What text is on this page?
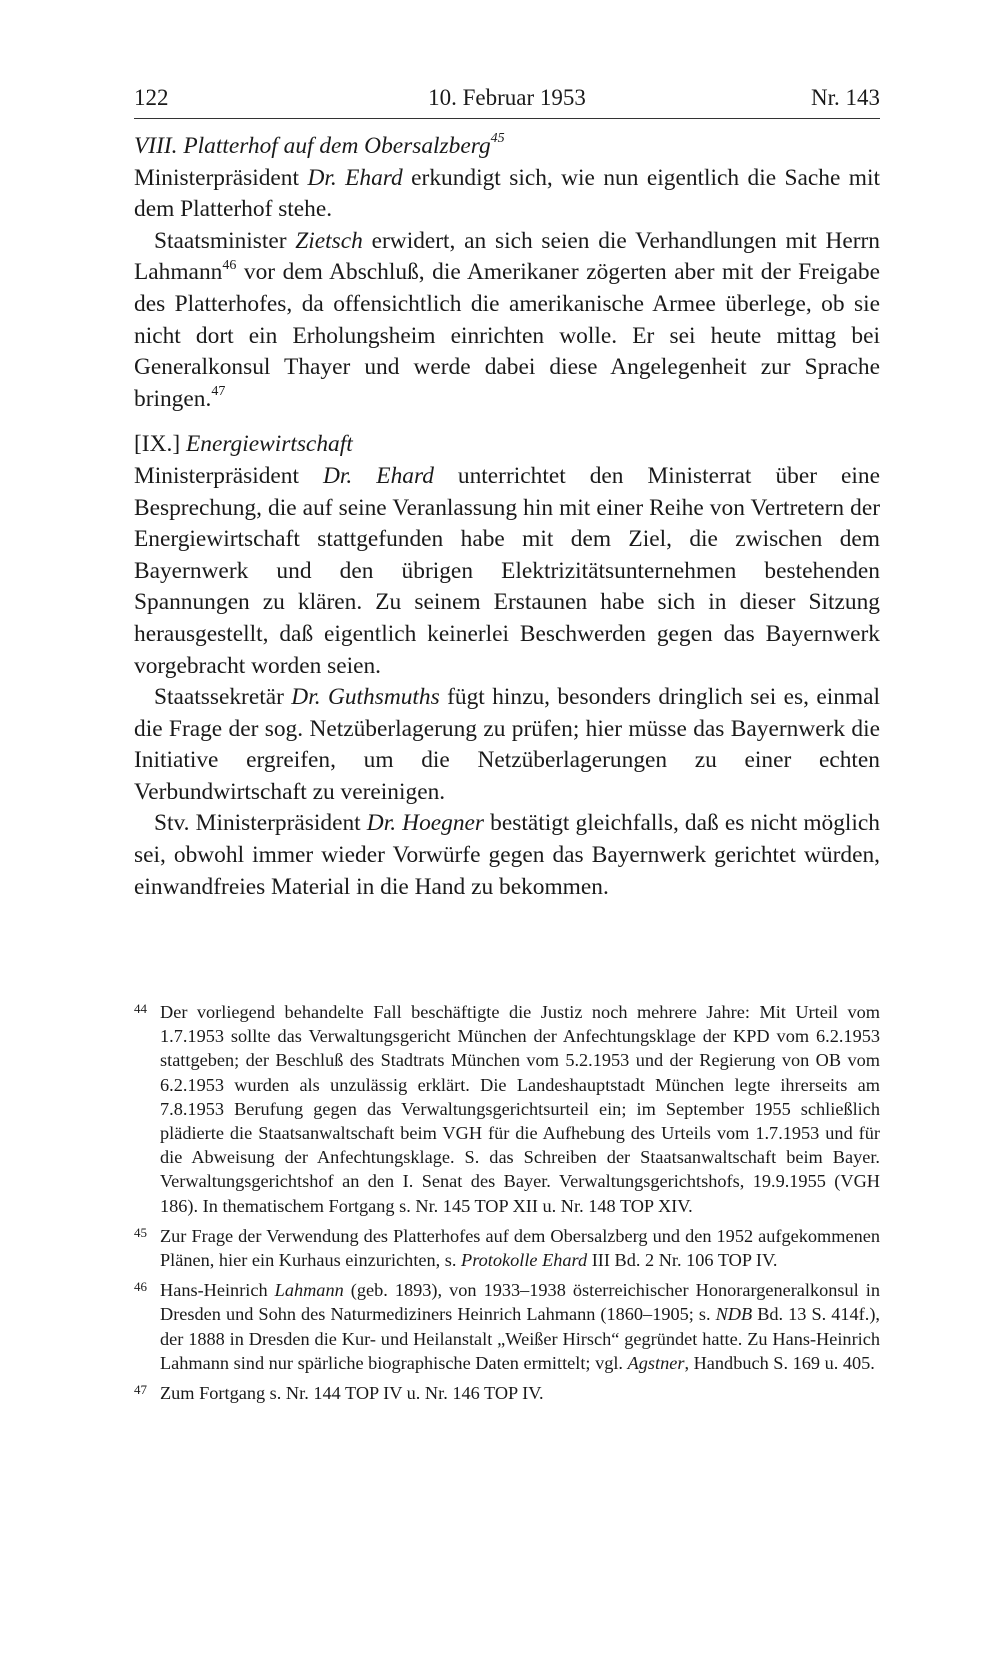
122	10. Februar 1953	Nr. 143
VIII. Platterhof auf dem Obersalzberg$^{45}$

Ministerpräsident Dr. Ehard erkundigt sich, wie nun eigentlich die Sache mit dem Platterhof stehe.

Staatsminister Zietsch erwidert, an sich seien die Verhandlungen mit Herrn Lahmann$^{46}$ vor dem Abschluß, die Amerikaner zögerten aber mit der Freigabe des Platterhofes, da offensichtlich die amerikanische Armee überlege, ob sie nicht dort ein Erholungsheim einrichten wolle. Er sei heute mittag bei Generalkonsul Thayer und werde dabei diese Angelegenheit zur Sprache bringen.$^{47}$

[IX.] Energiewirtschaft

Ministerpräsident Dr. Ehard unterrichtet den Ministerrat über eine Besprechung, die auf seine Veranlassung hin mit einer Reihe von Vertretern der Energiewirtschaft stattgefunden habe mit dem Ziel, die zwischen dem Bayernwerk und den übrigen Elektrizitätsunternehmen bestehenden Spannungen zu klären. Zu seinem Erstaunen habe sich in dieser Sitzung herausgestellt, daß eigentlich keinerlei Beschwerden gegen das Bayernwerk vorgebracht worden seien.

Staatssekretär Dr. Guthsmuths fügt hinzu, besonders dringlich sei es, einmal die Frage der sog. Netzüberlagerung zu prüfen; hier müsse das Bayernwerk die Initiative ergreifen, um die Netzüberlagerungen zu einer echten Verbundwirtschaft zu vereinigen.

Stv. Ministerpräsident Dr. Hoegner bestätigt gleichfalls, daß es nicht möglich sei, obwohl immer wieder Vorwürfe gegen das Bayernwerk gerichtet würden, einwandfreies Material in die Hand zu bekommen.

44 Der vorliegend behandelte Fall beschäftigte die Justiz noch mehrere Jahre: Mit Urteil vom 1.7.1953 sollte das Verwaltungsgericht München der Anfechtungsklage der KPD vom 6.2.1953 stattgeben; der Beschluß des Stadtrats München vom 5.2.1953 und der Regierung von OB vom 6.2.1953 wurden als unzulässig erklärt. Die Landeshauptstadt München legte ihrerseits am 7.8.1953 Berufung gegen das Verwaltungsgerichtsurteil ein; im September 1955 schließlich plädierte die Staatsanwaltschaft beim VGH für die Aufhebung des Urteils vom 1.7.1953 und für die Abweisung der Anfechtungsklage. S. das Schreiben der Staatsanwaltschaft beim Bayer. Verwaltungsgerichtshof an den I. Senat des Bayer. Verwaltungsgerichtshofs, 19.9.1955 (VGH 186). In thematischem Fortgang s. Nr. 145 TOP XII u. Nr. 148 TOP XIV.
45 Zur Frage der Verwendung des Platterhofes auf dem Obersalzberg und den 1952 aufgekommenen Plänen, hier ein Kurhaus einzurichten, s. Protokolle Ehard III Bd. 2 Nr. 106 TOP IV.
46 Hans-Heinrich Lahmann (geb. 1893), von 1933–1938 österreichischer Honorargeneralkonsul in Dresden und Sohn des Naturmediziners Heinrich Lahmann (1860–1905; s. NDB Bd. 13 S. 414f.), der 1888 in Dresden die Kur- und Heilanstalt „Weißer Hirsch“ gegründet hatte. Zu Hans-Heinrich Lahmann sind nur spärliche biographische Daten ermittelt; vgl. Agstner, Handbuch S. 169 u. 405.
47 Zum Fortgang s. Nr. 144 TOP IV u. Nr. 146 TOP IV.
